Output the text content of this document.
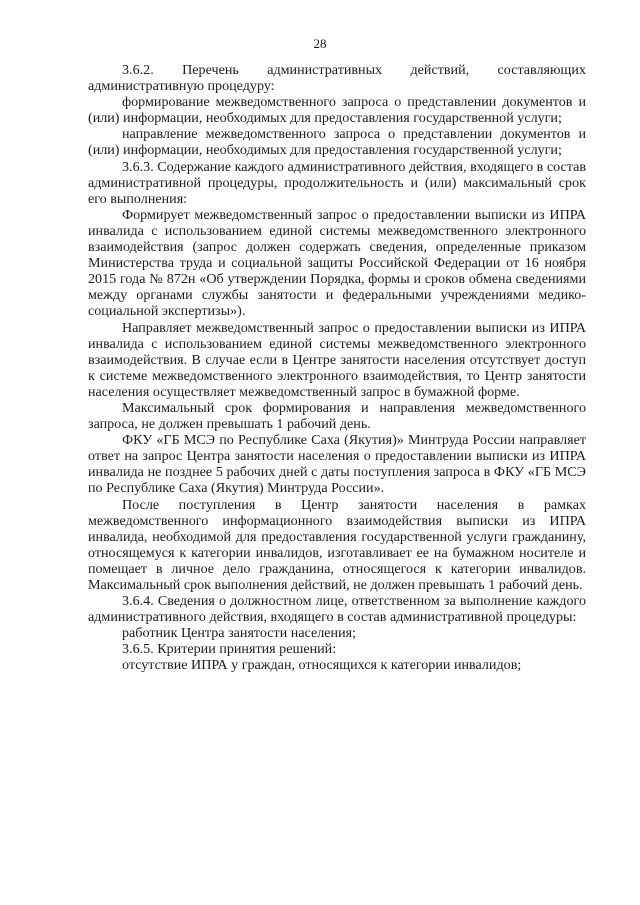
28

3.6.2. Перечень административных действий, составляющих административную процедуру:

формирование межведомственного запроса о представлении документов и (или) информации, необходимых для предоставления государственной услуги;

направление межведомственного запроса о представлении документов и (или) информации, необходимых для предоставления государственной услуги;

3.6.3. Содержание каждого административного действия, входящего в состав административной процедуры, продолжительность и (или) максимальный срок его выполнения:

Формирует межведомственный запрос о предоставлении выписки из ИПРА инвалида с использованием единой системы межведомственного электронного взаимодействия (запрос должен содержать сведения, определенные приказом Министерства труда и социальной защиты Российской Федерации от 16 ноября 2015 года № 872н «Об утверждении Порядка, формы и сроков обмена сведениями между органами службы занятости и федеральными учреждениями медико-социальной экспертизы»).

Направляет межведомственный запрос о предоставлении выписки из ИПРА инвалида с использованием единой системы межведомственного электронного взаимодействия. В случае если в Центре занятости населения отсутствует доступ к системе межведомственного электронного взаимодействия, то Центр занятости населения осуществляет межведомственный запрос в бумажной форме.

Максимальный срок формирования и направления межведомственного запроса, не должен превышать 1 рабочий день.

ФКУ «ГБ МСЭ по Республике Саха (Якутия)» Минтруда России направляет ответ на запрос Центра занятости населения о предоставлении выписки из ИПРА инвалида не позднее 5 рабочих дней с даты поступления запроса в ФКУ «ГБ МСЭ по Республике Саха (Якутия) Минтруда России».

После поступления в Центр занятости населения в рамках межведомственного информационного взаимодействия выписки из ИПРА инвалида, необходимой для предоставления государственной услуги гражданину, относящемуся к категории инвалидов, изготавливает ее на бумажном носителе и помещает в личное дело гражданина, относящегося к категории инвалидов. Максимальный срок выполнения действий, не должен превышать 1 рабочий день.

3.6.4. Сведения о должностном лице, ответственном за выполнение каждого административного действия, входящего в состав административной процедуры:

работник Центра занятости населения;

3.6.5. Критерии принятия решений:

отсутствие ИПРА у граждан, относящихся к категории инвалидов;
